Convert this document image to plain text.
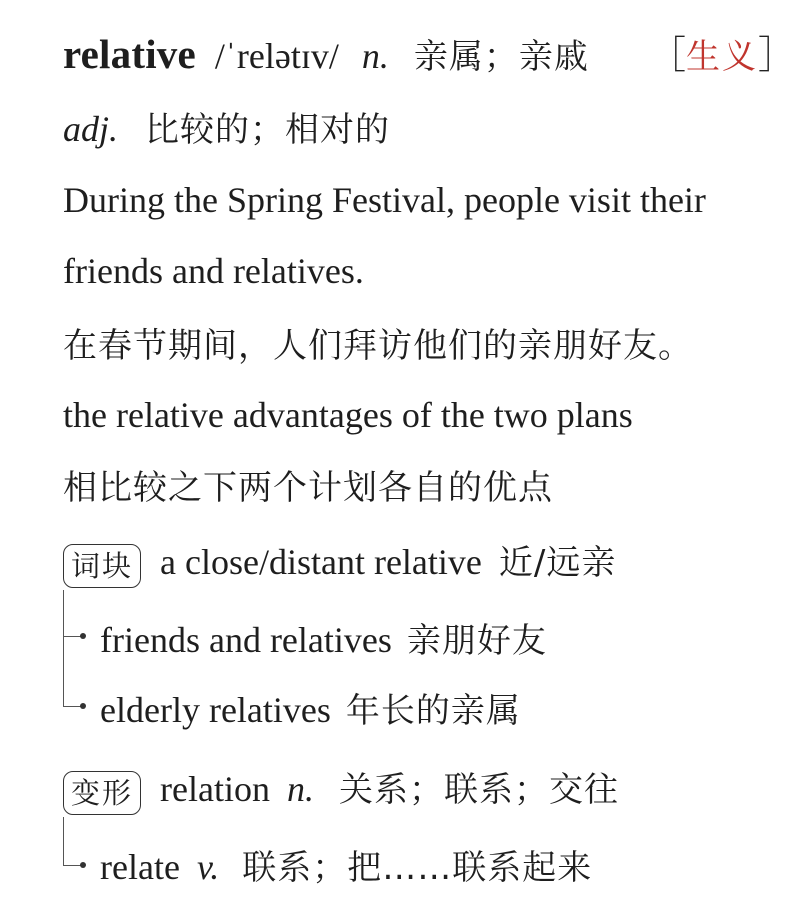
relative /ˈrelətɪv/ n. 亲属；亲戚 ［生义］
adj. 比较的；相对的
During the Spring Festival, people visit their
friends and relatives.
在春节期间，人们拜访他们的亲朋好友。
the relative advantages of the two plans
相比较之下两个计划各自的优点
词块 a close/distant relative 近/远亲
friends and relatives 亲朋好友
elderly relatives 年长的亲属
变形 relation n. 关系；联系；交往
relate v. 联系；把……联系起来
